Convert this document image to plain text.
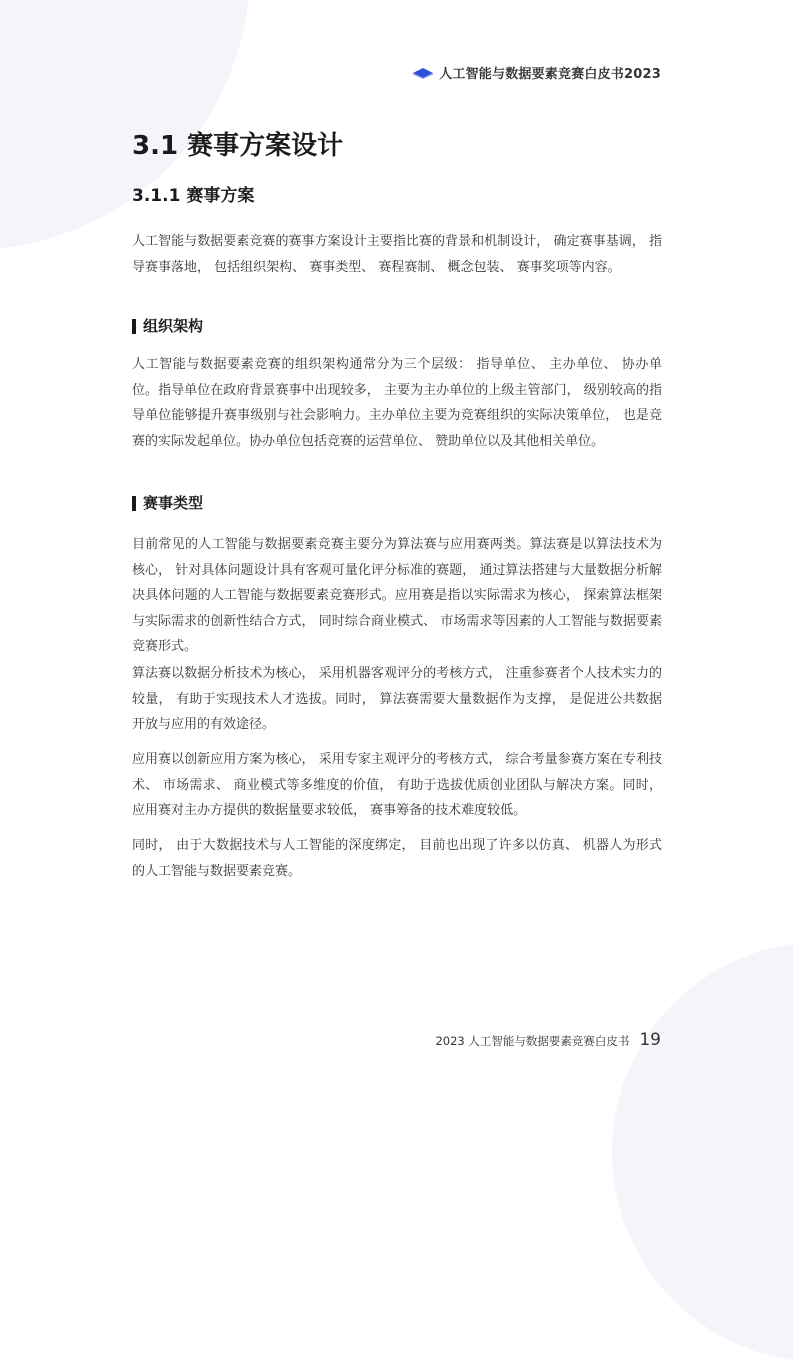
人工智能与数据要素竞赛白皮书2023
3.1 赛事方案设计
3.1.1 赛事方案

人工智能与数据要素竞赛的赛事方案设计主要指比赛的背景和机制设计， 确定赛事基调， 指导赛事落地， 包括组织架构、 赛事类型、 赛程赛制、 概念包装、 赛事奖项等内容。

组织架构

人工智能与数据要素竞赛的组织架构通常分为三个层级： 指导单位、 主办单位、 协办单位。指导单位在政府背景赛事中出现较多， 主要为主办单位的上级主管部门， 级别较高的指导单位能够提升赛事级别与社会影响力。主办单位主要为竞赛组织的实际决策单位， 也是竞赛的实际发起单位。协办单位包括竞赛的运营单位、 赞助单位以及其他相关单位。

赛事类型

目前常见的人工智能与数据要素竞赛主要分为算法赛与应用赛两类。算法赛是以算法技术为核心， 针对具体问题设计具有客观可量化评分标准的赛题， 通过算法搭建与大量数据分析解决具体问题的人工智能与数据要素竞赛形式。应用赛是指以实际需求为核心， 探索算法框架与实际需求的创新性结合方式， 同时综合商业模式、 市场需求等因素的人工智能与数据要素竞赛形式。

算法赛以数据分析技术为核心， 采用机器客观评分的考核方式， 注重参赛者个人技术实力的较量， 有助于实现技术人才选拔。同时， 算法赛需要大量数据作为支撑， 是促进公共数据开放与应用的有效途径。

应用赛以创新应用方案为核心， 采用专家主观评分的考核方式， 综合考量参赛方案在专利技术、 市场需求、 商业模式等多维度的价值， 有助于选拔优质创业团队与解决方案。同时， 应用赛对主办方提供的数据量要求较低， 赛事筹备的技术难度较低。

同时， 由于大数据技术与人工智能的深度绑定， 目前也出现了许多以仿真、 机器人为形式的人工智能与数据要素竞赛。

2023 人工智能与数据要素竞赛白皮书 19
